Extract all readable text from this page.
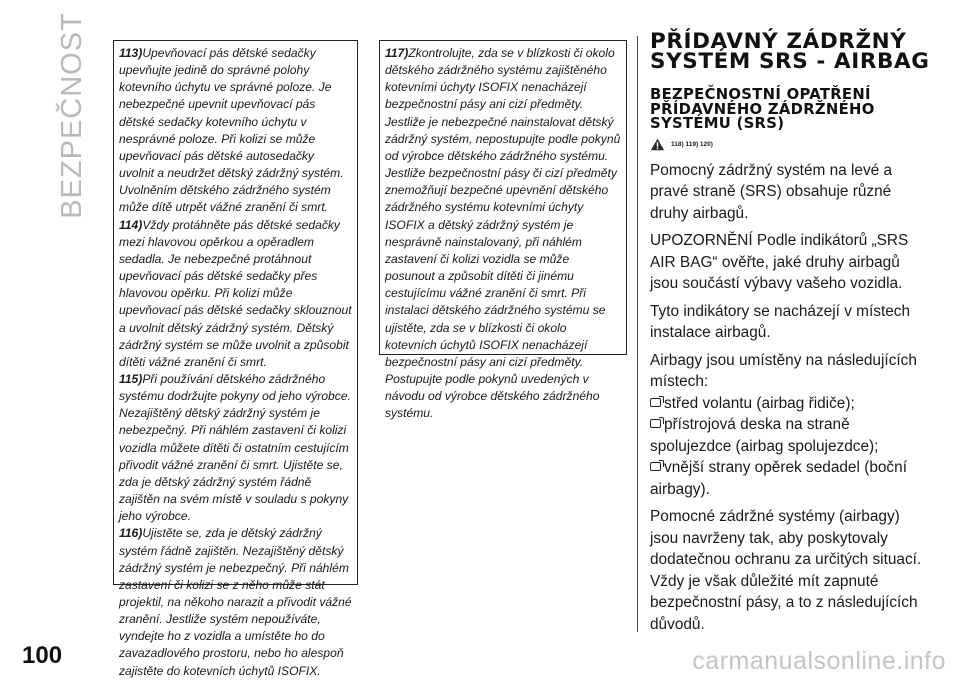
BEZPEČNOST	113)Upevňovací pás dětské sedačky upevňujte jedině do správné polohy kotevního úchytu ve správné poloze. Je nebezpečné upevnit upevňovací pás dětské sedačky kotevního úchytu v nesprávné poloze. Při kolizi se může upevňovací pás dětské autosedačky uvolnit a neudržet dětský zádržný systém. Uvolněním dětského zádržného systém může dítě utrpět vážné zranění či smrt.

114)Vždy protáhněte pás dětské sedačky mezi hlavovou opěrkou a opěradlem sedadla. Je nebezpečné protáhnout upevňovací pás dětské sedačky přes hlavovou opěrku. Při kolizi může upevňovací pás dětské sedačky sklouznout a uvolnit dětský zádržný systém. Dětský zádržný systém se může uvolnit a způsobit dítěti vážné zranění či smrt.

115)Při používání dětského zádržného systému dodržujte pokyny od jeho výrobce. Nezajištěný dětský zádržný systém je nebezpečný. Při náhlém zastavení či kolizi vozidla můžete dítěti či ostatním cestujícím přivodit vážné zranění či smrt. Ujistěte se, zda je dětský zádržný systém řádně zajištěn na svém místě v souladu s pokyny jeho výrobce.

116)Ujistěte se, zda je dětský zádržný systém řádně zajištěn. Nezajištěný dětský zádržný systém je nebezpečný. Při náhlém zastavení či kolizi se z něho může stát projektil, na někoho narazit a přivodit vážné zranění. Jestliže systém nepoužíváte, vyndejte ho z vozidla a umístěte ho do zavazadlového prostoru, nebo ho alespoň zajistěte do kotevních úchytů ISOFIX.

117)Zkontrolujte, zda se v blízkosti či okolo dětského zádržného systému zajištěného kotevními úchyty ISOFIX nenacházejí bezpečnostní pásy ani cizí předměty. Jestliže je nebezpečné nainstalovat dětský zádržný systém, nepostupujte podle pokynů od výrobce dětského zádržného systému. Jestliže bezpečnostní pásy či cizí předměty znemožňují bezpečné upevnění dětského zádržného systému kotevními úchyty ISOFIX a dětský zádržný systém je nesprávně nainstalovaný, při náhlém zastavení či kolizi vozidla se může posunout a způsobit dítěti či jinému cestujícímu vážné zranění či smrt. Při instalaci dětského zádržného systému se ujistěte, zda se v blízkosti či okolo kotevních úchytů ISOFIX nenacházejí bezpečnostní pásy ani cizí předměty. Postupujte podle pokynů uvedených v návodu od výrobce dětského zádržného systému.

PŘÍDAVNÝ ZÁDRŽNÝ SYSTÉM SRS - AIRBAG
BEZPEČNOSTNÍ OPATŘENÍ PŘÍDAVNÉHO ZÁDRŽNÉHO SYSTÉMU (SRS)
118) 119) 120)

Pomocný zádržný systém na levé a pravé straně (SRS) obsahuje různé druhy airbagů.

UPOZORNĚNÍ Podle indikátorů „SRS AIR BAG“ ověřte, jaké druhy airbagů jsou součástí výbavy vašeho vozidla.

Tyto indikátory se nacházejí v místech instalace airbagů.

Airbagy jsou umístěny na následujících místech:

střed volantu (airbag řidiče);
přístrojová deska na straně spolujezdce (airbag spolujezdce);
vnější strany opěrek sedadel (boční airbagy).

Pomocné zádržné systémy (airbagy) jsou navrženy tak, aby poskytovaly dodatečnou ochranu za určitých situací. Vždy je však důležité mít zapnuté bezpečnostní pásy, a to z následujících důvodů.

100	carmanualsonline.info
